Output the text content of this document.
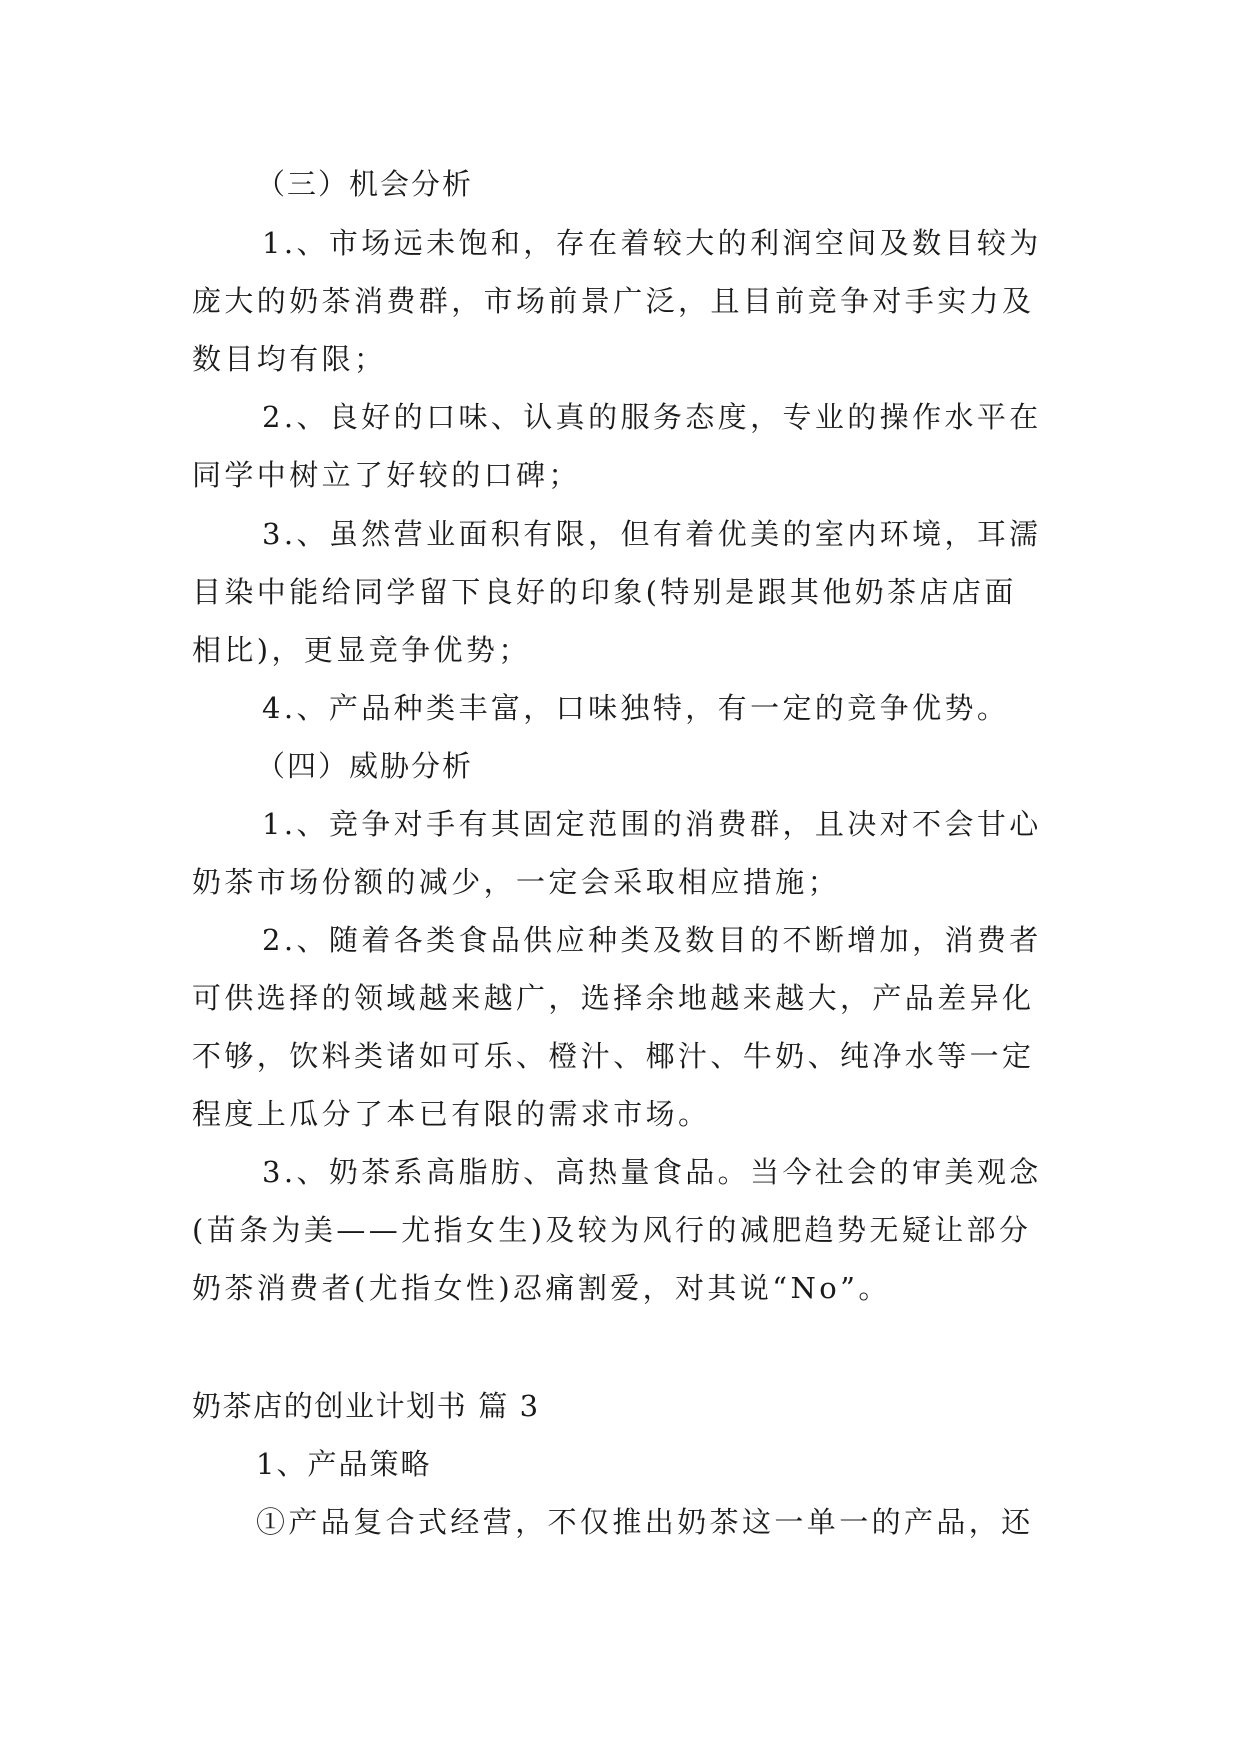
（三）机会分析
1.、市场远未饱和，存在着较大的利润空间及数目较为
庞大的奶茶消费群，市场前景广泛，且目前竞争对手实力及
数目均有限；
2.、良好的口味、认真的服务态度，专业的操作水平在
同学中树立了好较的口碑；
3.、虽然营业面积有限，但有着优美的室内环境，耳濡
目染中能给同学留下良好的印象(特别是跟其他奶茶店店面
相比)，更显竞争优势；
4.、产品种类丰富，口味独特，有一定的竞争优势。
（四）威胁分析
1.、竞争对手有其固定范围的消费群，且决对不会甘心
奶茶市场份额的减少，一定会采取相应措施；
2.、随着各类食品供应种类及数目的不断增加，消费者
可供选择的领域越来越广，选择余地越来越大，产品差异化
不够，饮料类诸如可乐、橙汁、椰汁、牛奶、纯净水等一定
程度上瓜分了本已有限的需求市场。
3.、奶茶系高脂肪、高热量食品。当今社会的审美观念
(苗条为美——尤指女生)及较为风行的减肥趋势无疑让部分
奶茶消费者(尤指女性)忍痛割爱，对其说“No”。
奶茶店的创业计划书 篇 3
1、产品策略
①产品复合式经营，不仅推出奶茶这一单一的产品，还
